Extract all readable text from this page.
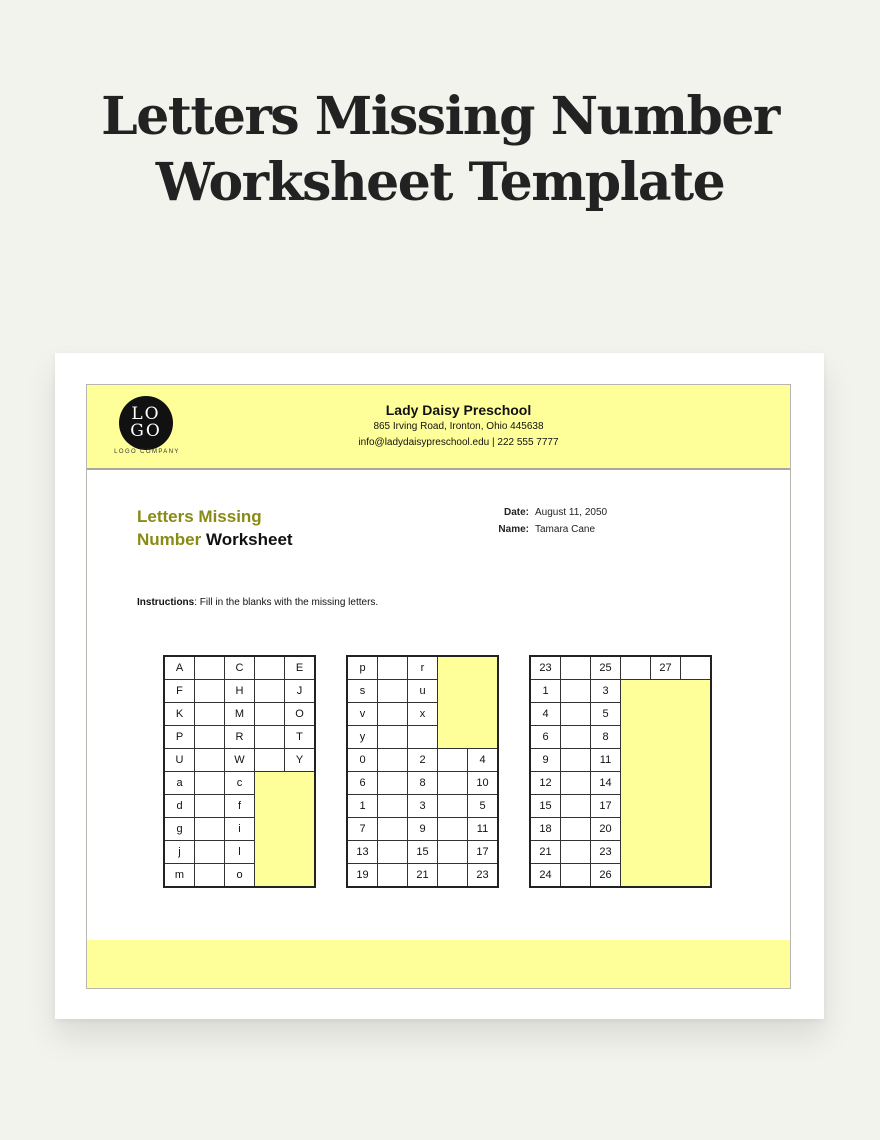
Letters Missing Number
Worksheet Template
LO
GO
LOGO COMPANY
Lady Daisy Preschool
865 Irving Road, Ironton, Ohio 445638
info@ladydaisypreschool.edu | 222 555 7777
Letters Missing
Number Worksheet
Date: August 11, 2050
Name: Tamara Cane
Instructions: Fill in the blanks with the missing letters.
A		C		E
F		H		J
K		M		O
P		R		T
U		W		Y
a		c		
d		f		
g		i		
j		l		
m		o		
p		r		
s		u		
v		x		
y				
0		2		4
6		8		10
1		3		5
7		9		11
13		15		17
19		21		23
23		25		27	
1		3			
4		5			
6		8			
9		11			
12		14			
15		17			
18		20			
21		23			
24		26			
